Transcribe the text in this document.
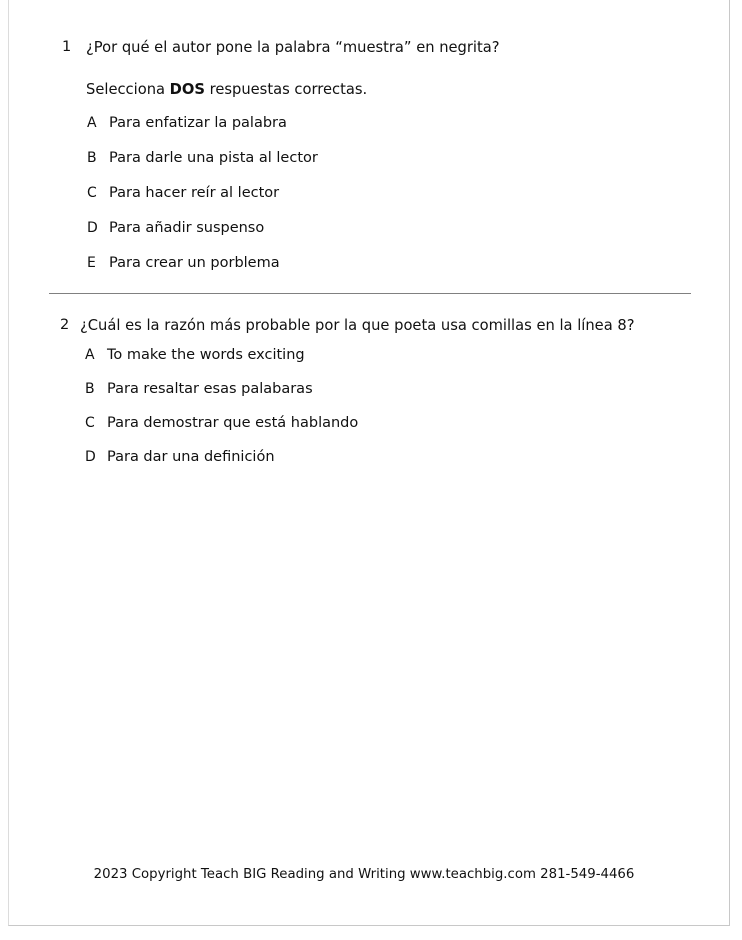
1	¿Por qué el autor pone la palabra “muestra” en negrita?
Selecciona DOS respuestas correctas.
A Para enfatizar la palabra
B Para darle una pista al lector
C Para hacer reír al lector
D Para añadir suspenso
E Para crear un porblema
2 ¿Cuál es la razón más probable por la que poeta usa comillas en la línea 8?
A To make the words exciting
B Para resaltar esas palabaras
C Para demostrar que está hablando
D Para dar una definición
2023 Copyright Teach BIG Reading and Writing www.teachbig.com 281-549-4466
